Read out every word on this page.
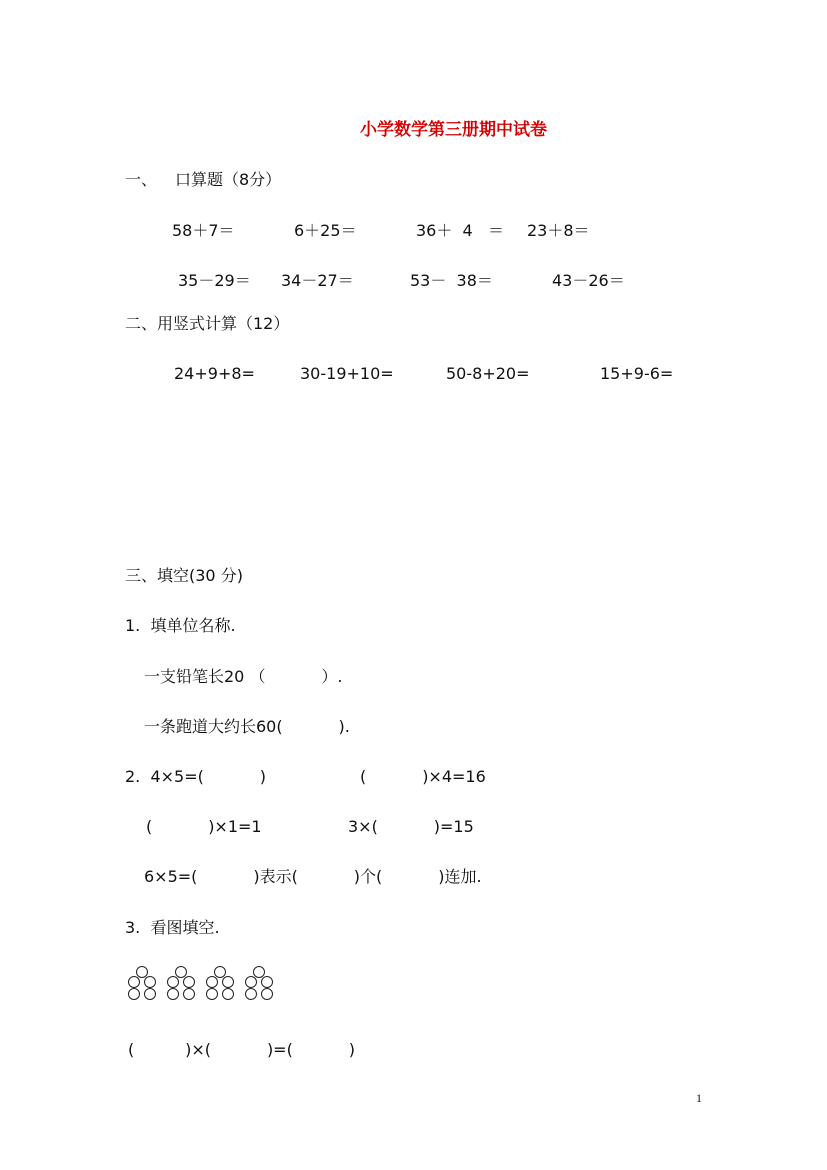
小学数学第三册期中试卷
一、 口算题（8分）
58＋7＝	6＋25＝	36＋  4   ＝ 23＋8＝
35－29＝ 34－27＝	53－  38＝	43－26＝
二、用竖式计算（12）
24+9+8=	30-19+10=	50-8+20=	15+9-6=
三、填空(30 分)
1.  填单位名称.
一支铅笔长20 （           ）.
一条跑道大约长60(           ).
2.  4×5=(           )	(           )×4=16
(           )×1=1	3×(           )=15
6×5=(           )表示(           )个(           )连加.
3.  看图填空.
(          )×(           )=(           )
1
